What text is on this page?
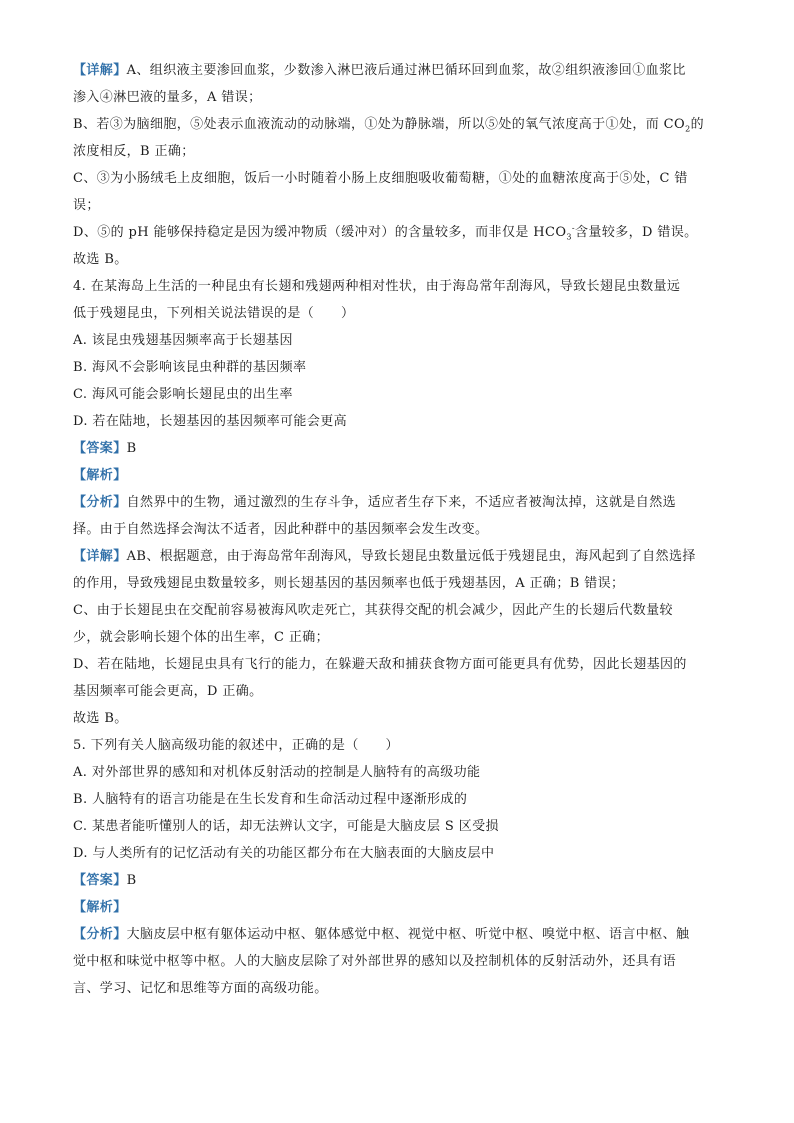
【详解】A、组织液主要渗回血浆，少数渗入淋巴液后通过淋巴循环回到血浆，故②组织液渗回①血浆比
渗入④淋巴液的量多，A 错误；
B、若③为脑细胞，⑤处表示血液流动的动脉端，①处为静脉端，所以⑤处的氧气浓度高于①处，而 $CO_2$的
浓度相反，B 正确；
C、③为小肠绒毛上皮细胞，饭后一小时随着小肠上皮细胞吸收葡萄糖，①处的血糖浓度高于⑤处，C 错
误；
D、⑤的 pH 能够保持稳定是因为缓冲物质（缓冲对）的含量较多，而非仅是 $HCO_3^-$含量较多，D 错误。
故选 B。
4. 在某海岛上生活的一种昆虫有长翅和残翅两种相对性状，由于海岛常年刮海风，导致长翅昆虫数量远
低于残翅昆虫，下列相关说法错误的是（　　）
A. 该昆虫残翅基因频率高于长翅基因
B. 海风不会影响该昆虫种群的基因频率
C. 海风可能会影响长翅昆虫的出生率
D. 若在陆地，长翅基因的基因频率可能会更高
【答案】B
【解析】
【分析】自然界中的生物，通过激烈的生存斗争，适应者生存下来，不适应者被淘汰掉，这就是自然选
择。由于自然选择会淘汰不适者，因此种群中的基因频率会发生改变。
【详解】AB、根据题意，由于海岛常年刮海风，导致长翅昆虫数量远低于残翅昆虫，海风起到了自然选择
的作用，导致残翅昆虫数量较多，则长翅基因的基因频率也低于残翅基因，A 正确；B 错误；
C、由于长翅昆虫在交配前容易被海风吹走死亡，其获得交配的机会减少，因此产生的长翅后代数量较
少，就会影响长翅个体的出生率，C 正确；
D、若在陆地，长翅昆虫具有飞行的能力，在躲避天敌和捕获食物方面可能更具有优势，因此长翅基因的
基因频率可能会更高，D 正确。
故选 B。
5. 下列有关人脑高级功能的叙述中，正确的是（　　）
A. 对外部世界的感知和对机体反射活动的控制是人脑特有的高级功能
B. 人脑特有的语言功能是在生长发育和生命活动过程中逐渐形成的
C. 某患者能听懂别人的话，却无法辨认文字，可能是大脑皮层 S 区受损
D. 与人类所有的记忆活动有关的功能区都分布在大脑表面的大脑皮层中
【答案】B
【解析】
【分析】大脑皮层中枢有躯体运动中枢、躯体感觉中枢、视觉中枢、听觉中枢、嗅觉中枢、语言中枢、触
觉中枢和味觉中枢等中枢。人的大脑皮层除了对外部世界的感知以及控制机体的反射活动外，还具有语
言、学习、记忆和思维等方面的高级功能。
